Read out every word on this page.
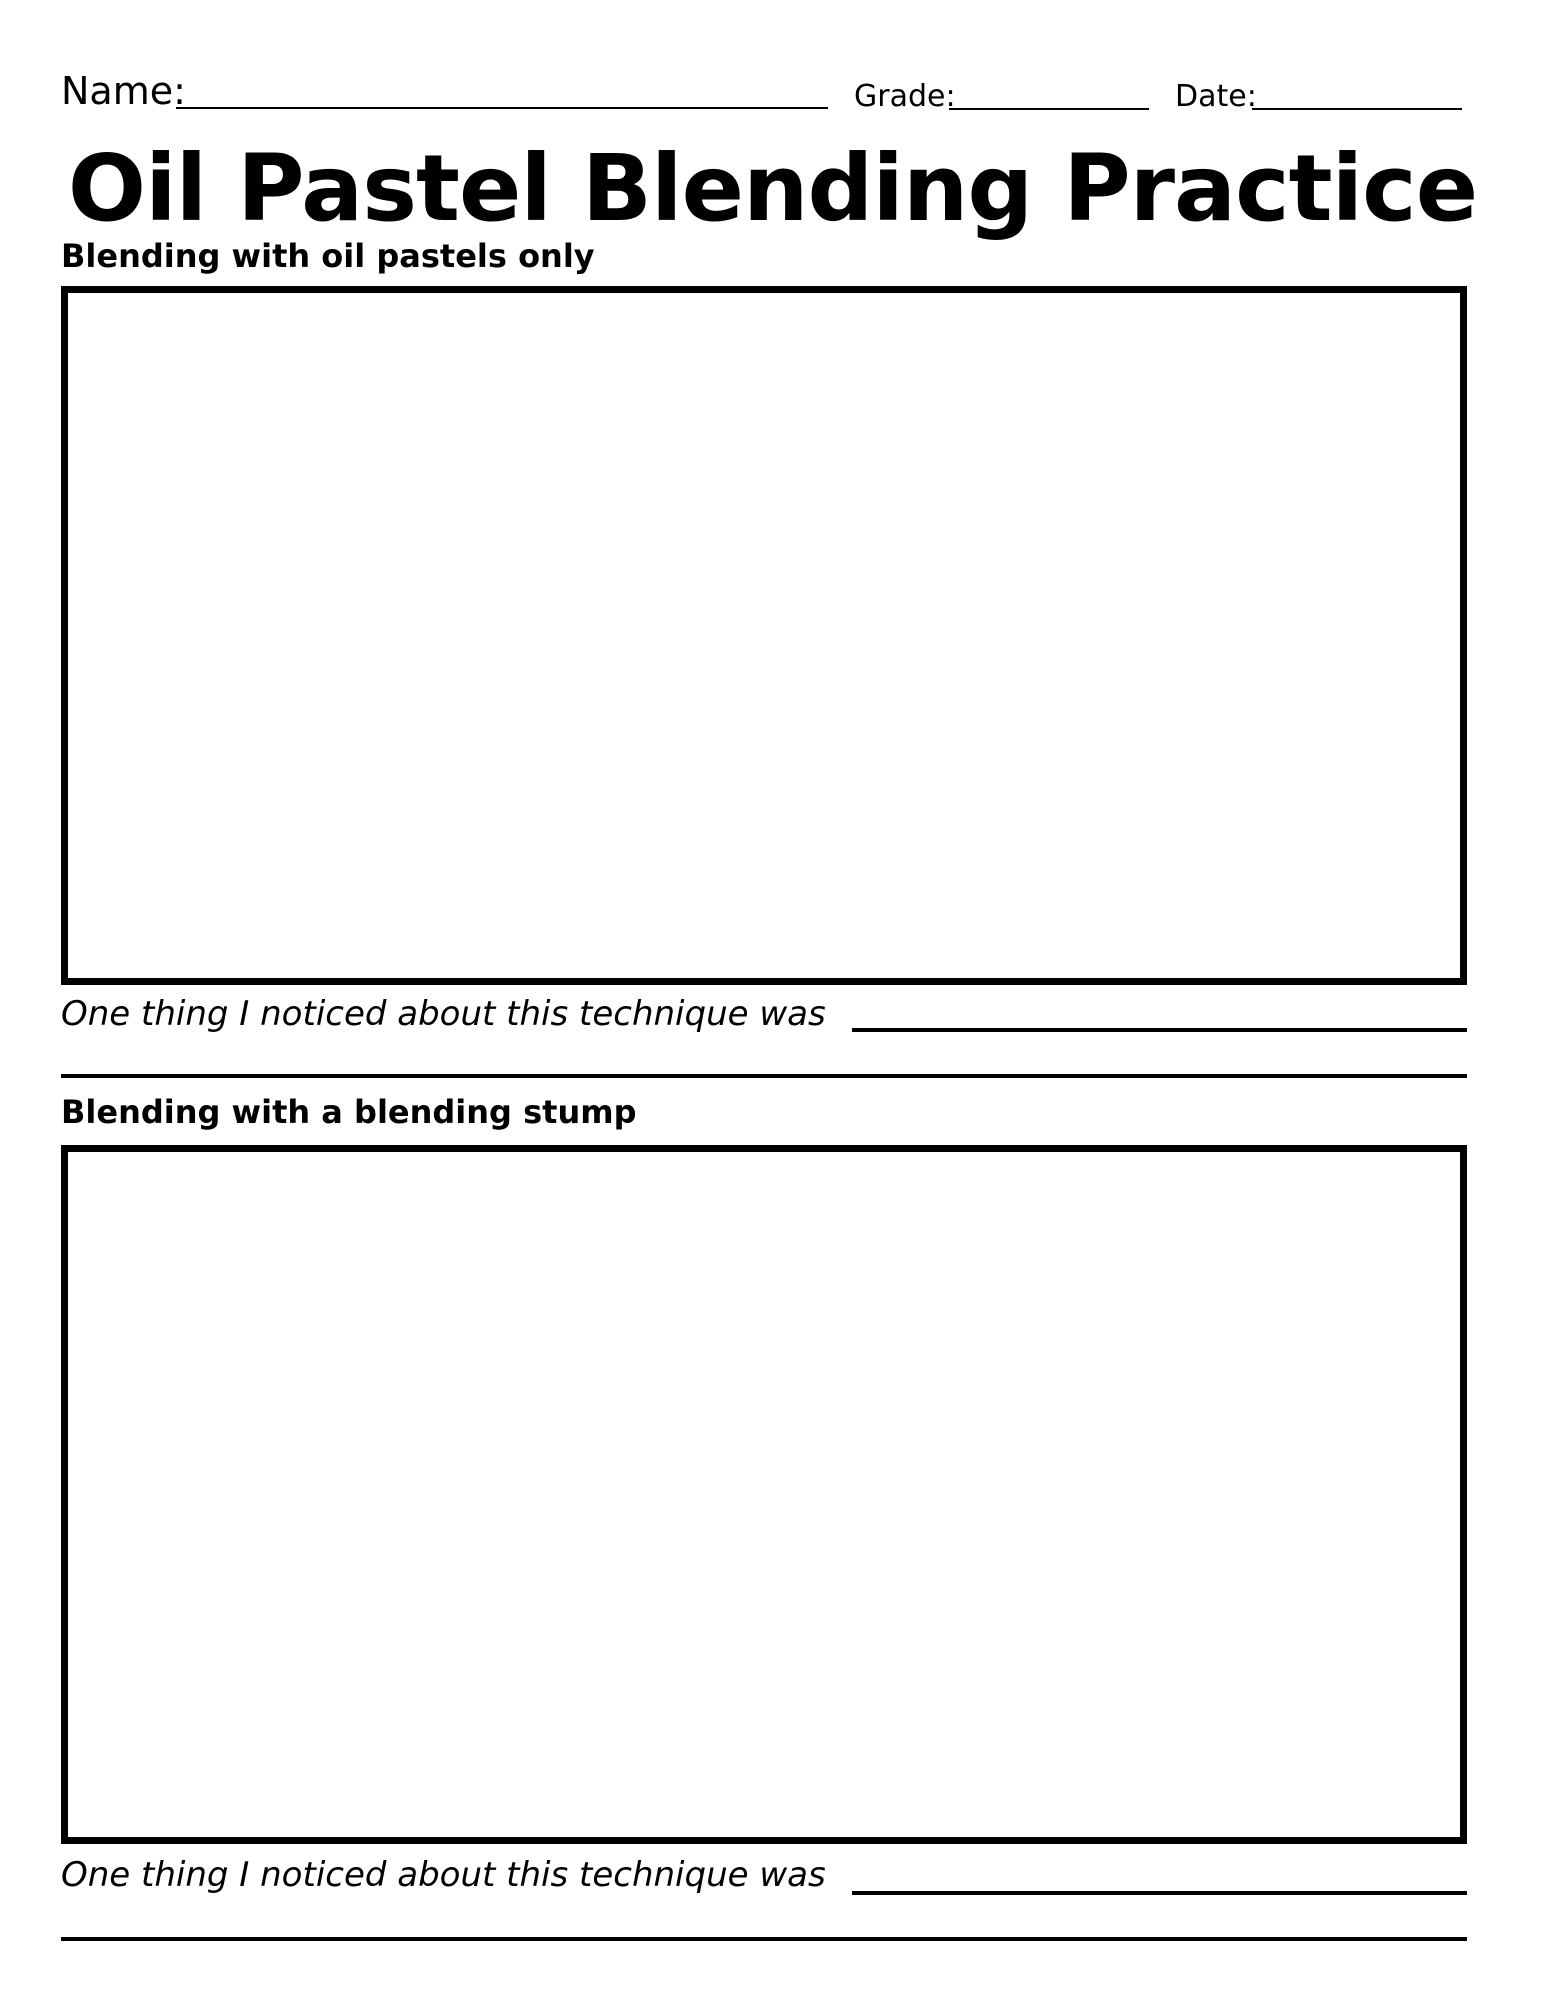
Name:	Grade:	Date:
Oil Pastel Blending Practice
Blending with oil pastels only
One thing I noticed about this technique was
Blending with a blending stump
One thing I noticed about this technique was
